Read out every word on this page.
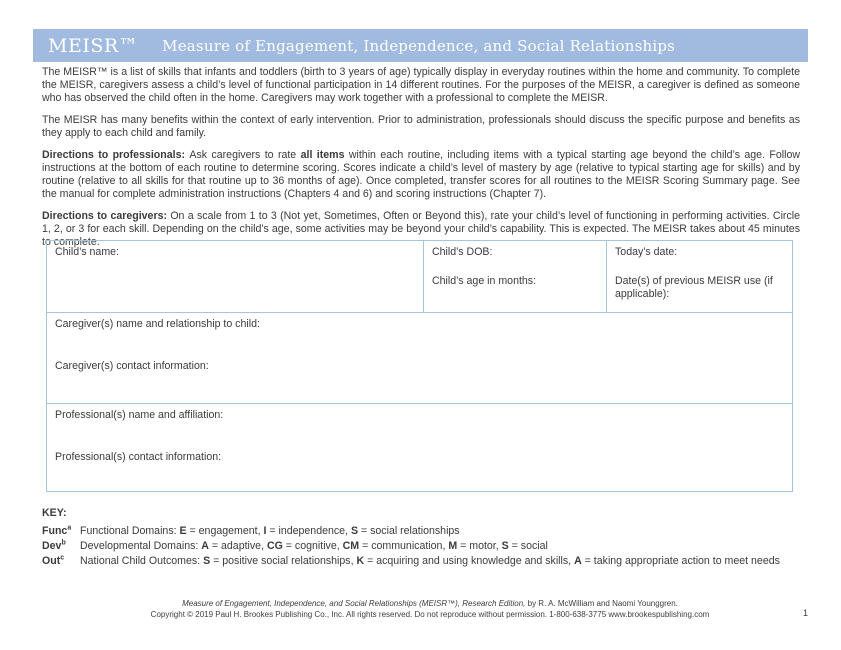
MEISR™ Measure of Engagement, Independence, and Social Relationships

The MEISR™ is a list of skills that infants and toddlers (birth to 3 years of age) typically display in everyday routines within the home and community. To complete the MEISR, caregivers assess a child’s level of functional participation in 14 different routines. For the purposes of the MEISR, a caregiver is defined as someone who has observed the child often in the home. Caregivers may work together with a professional to complete the MEISR.

The MEISR has many benefits within the context of early intervention. Prior to administration, professionals should discuss the specific purpose and benefits as they apply to each child and family.

Directions to professionals: Ask caregivers to rate all items within each routine, including items with a typical starting age beyond the child’s age. Follow instructions at the bottom of each routine to determine scoring. Scores indicate a child’s level of mastery by age (relative to typical starting age for skills) and by routine (relative to all skills for that routine up to 36 months of age). Once completed, transfer scores for all routines to the MEISR Scoring Summary page. See the manual for complete administration instructions (Chapters 4 and 6) and scoring instructions (Chapter 7).

Directions to caregivers: On a scale from 1 to 3 (Not yet, Sometimes, Often or Beyond this), rate your child’s level of functioning in performing activities. Circle 1, 2, or 3 for each skill. Depending on the child’s age, some activities may be beyond your child’s capability. This is expected. The MEISR takes about 45 minutes to complete.

Child’s name:	Child’s DOB:
Child’s age in months:
Today’s date:
Date(s) of previous MEISR use (if applicable):
Caregiver(s) name and relationship to child:
Caregiver(s) contact information:
Professional(s) name and affiliation:
Professional(s) contact information:
KEY:
Func$^a$ Functional Domains: E = engagement, I = independence, S = social relationships
Dev$^b$	Developmental Domains: A = adaptive, CG = cognitive, CM = communication, M = motor, S = social
Out$^c$	National Child Outcomes: S = positive social relationships, K = acquiring and using knowledge and skills, A = taking appropriate action to meet needs
Measure of Engagement, Independence, and Social Relationships (MEISR™), Research Edition, by R. A. McWilliam and Naomi Younggren.
Copyright © 2019 Paul H. Brookes Publishing Co., Inc. All rights reserved. Do not reproduce without permission. 1-800-638-3775 www.brookespublishing.com	1
